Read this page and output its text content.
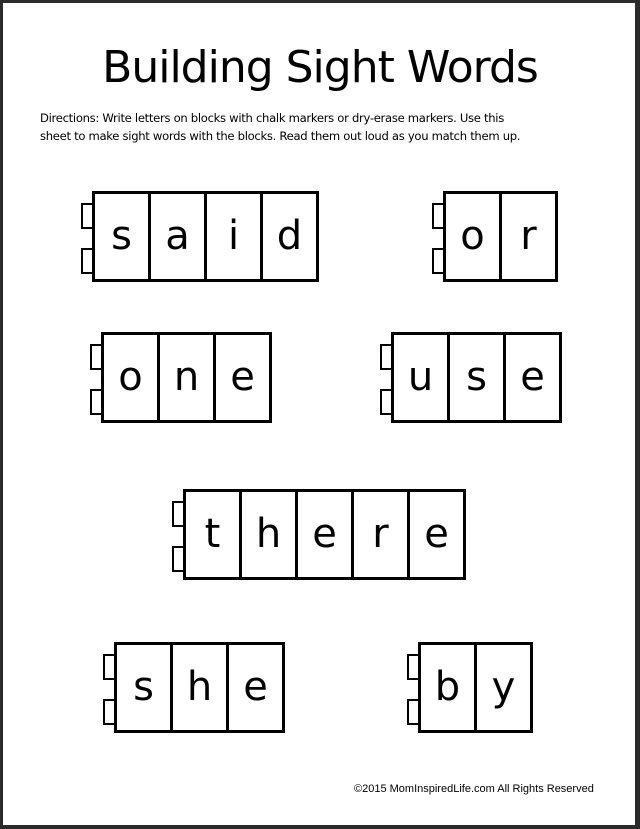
Building Sight Words
Directions: Write letters on blocks with chalk markers or dry-erase markers. Use this
sheet to make sight words with the blocks. Read them out loud as you match them up.
s a i d	o r
o n e	u s e
t h e r e
s h e	b y
©2015 MomInspiredLife.com All Rights Reserved
